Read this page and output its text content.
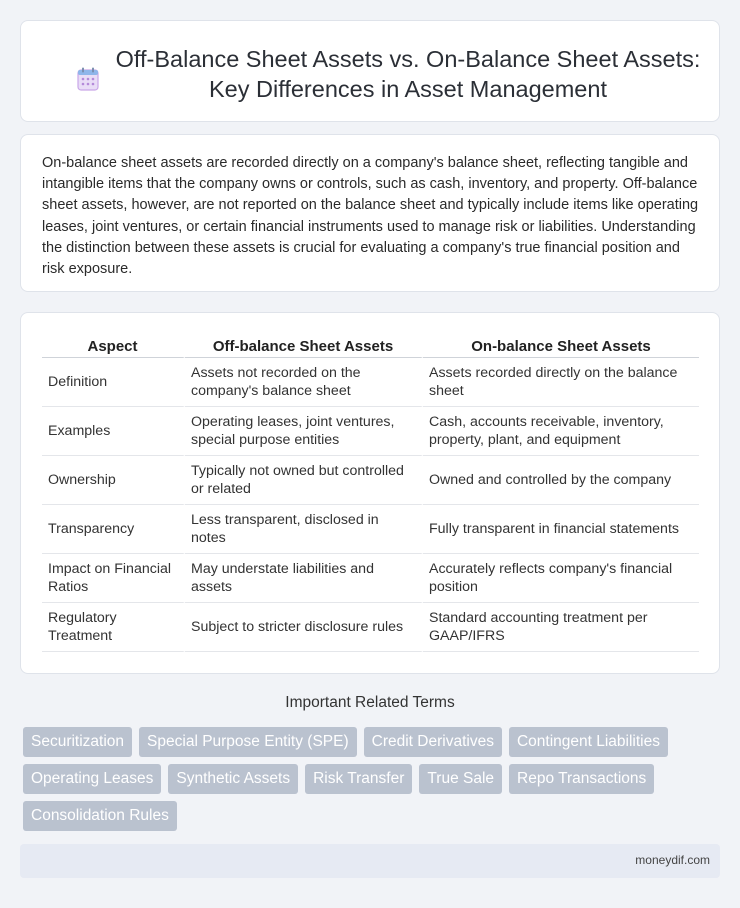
Off-Balance Sheet Assets vs. On-Balance Sheet Assets: Key Differences in Asset Management

On-balance sheet assets are recorded directly on a company's balance sheet, reflecting tangible and intangible items that the company owns or controls, such as cash, inventory, and property. Off-balance sheet assets, however, are not reported on the balance sheet and typically include items like operating leases, joint ventures, or certain financial instruments used to manage risk or liabilities. Understanding the distinction between these assets is crucial for evaluating a company's true financial position and risk exposure.

Aspect	Off-balance Sheet Assets	On-balance Sheet Assets
Definition	Assets not recorded on the company's balance sheet	Assets recorded directly on the balance sheet
Examples	Operating leases, joint ventures, special purpose entities	Cash, accounts receivable, inventory, property, plant, and equipment
Ownership	Typically not owned but controlled or related	Owned and controlled by the company
Transparency	Less transparent, disclosed in notes	Fully transparent in financial statements
Impact on Financial Ratios	May understate liabilities and assets	Accurately reflects company's financial position
Regulatory Treatment	Subject to stricter disclosure rules	Standard accounting treatment per GAAP/IFRS
Important Related Terms
Securitization	Special Purpose Entity (SPE)	Credit Derivatives	Contingent Liabilities
Operating Leases	Synthetic Assets	Risk Transfer	True Sale	Repo Transactions
Consolidation Rules
moneydif.com
